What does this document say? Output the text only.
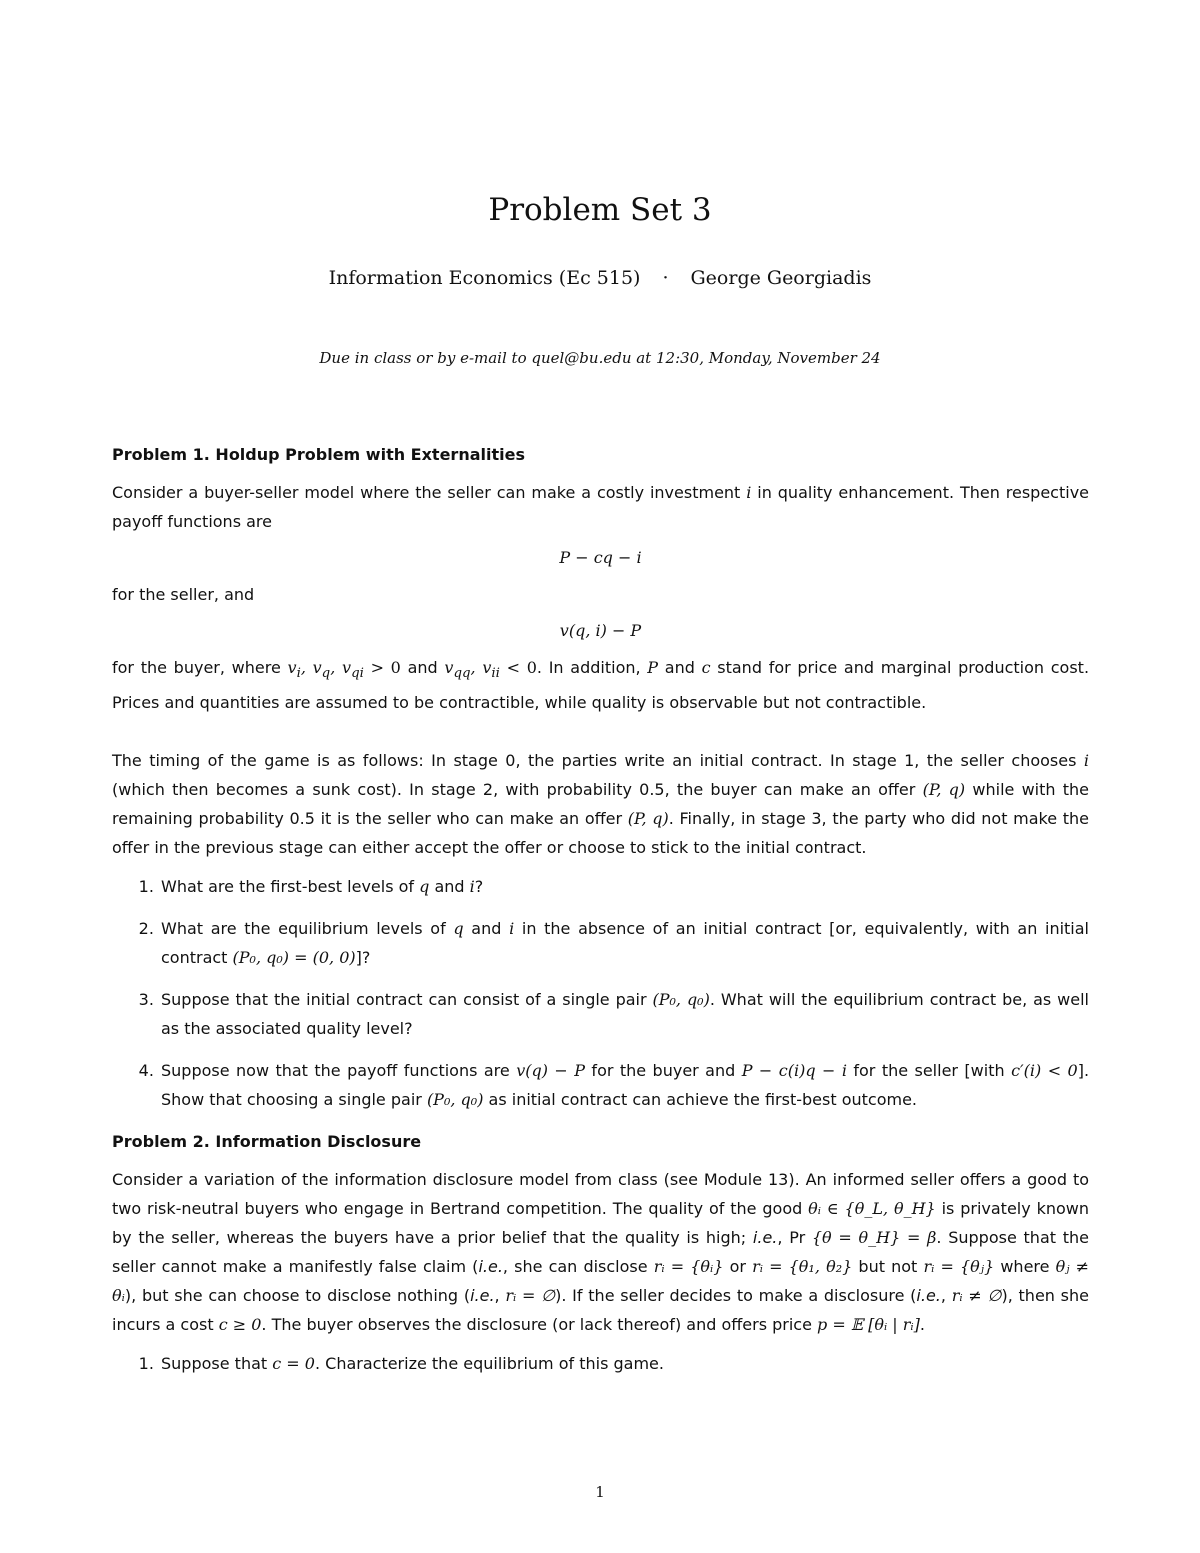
Problem Set 3
Information Economics (Ec 515) · George Georgiadis
Due in class or by e-mail to quel@bu.edu at 12:30, Monday, November 24
Problem 1. Holdup Problem with Externalities

Consider a buyer-seller model where the seller can make a costly investment i in quality enhancement. Then respective payoff functions are

P − cq − i

for the seller, and

v(q, i) − P

for the buyer, where $v_i$, $v_q$, $v_{qi} > 0$ and $v_{qq}$, $v_{ii} < 0$. In addition, P and c stand for price and marginal production cost. Prices and quantities are assumed to be contractible, while quality is observable but not contractible.

The timing of the game is as follows: In stage 0, the parties write an initial contract. In stage 1, the seller chooses i (which then becomes a sunk cost). In stage 2, with probability 0.5, the buyer can make an offer (P, q) while with the remaining probability 0.5 it is the seller who can make an offer (P, q). Finally, in stage 3, the party who did not make the offer in the previous stage can either accept the offer or choose to stick to the initial contract.

1. What are the first-best levels of q and i?
2. What are the equilibrium levels of q and i in the absence of an initial contract [or, equivalently, with an initial contract (P₀, q₀) = (0, 0)]?
3. Suppose that the initial contract can consist of a single pair (P₀, q₀). What will the equilibrium contract be, as well as the associated quality level?
4. Suppose now that the payoff functions are v(q) − P for the buyer and P − c(i)q − i for the seller [with c′(i) < 0]. Show that choosing a single pair (P₀, q₀) as initial contract can achieve the first-best outcome.
Problem 2. Information Disclosure

Consider a variation of the information disclosure model from class (see Module 13). An informed seller offers a good to two risk-neutral buyers who engage in Bertrand competition. The quality of the good θᵢ ∈ {θ_L, θ_H} is privately known by the seller, whereas the buyers have a prior belief that the quality is high; i.e., Pr {θ = θ_H} = β. Suppose that the seller cannot make a manifestly false claim (i.e., she can disclose rᵢ = {θᵢ} or rᵢ = {θ₁, θ₂} but not rᵢ = {θⱼ} where θⱼ ≠ θᵢ), but she can choose to disclose nothing (i.e., rᵢ = ∅). If the seller decides to make a disclosure (i.e., rᵢ ≠ ∅), then she incurs a cost c ≥ 0. The buyer observes the disclosure (or lack thereof) and offers price p = 𝔼 [θᵢ | rᵢ].

1. Suppose that c = 0. Characterize the equilibrium of this game.
1
